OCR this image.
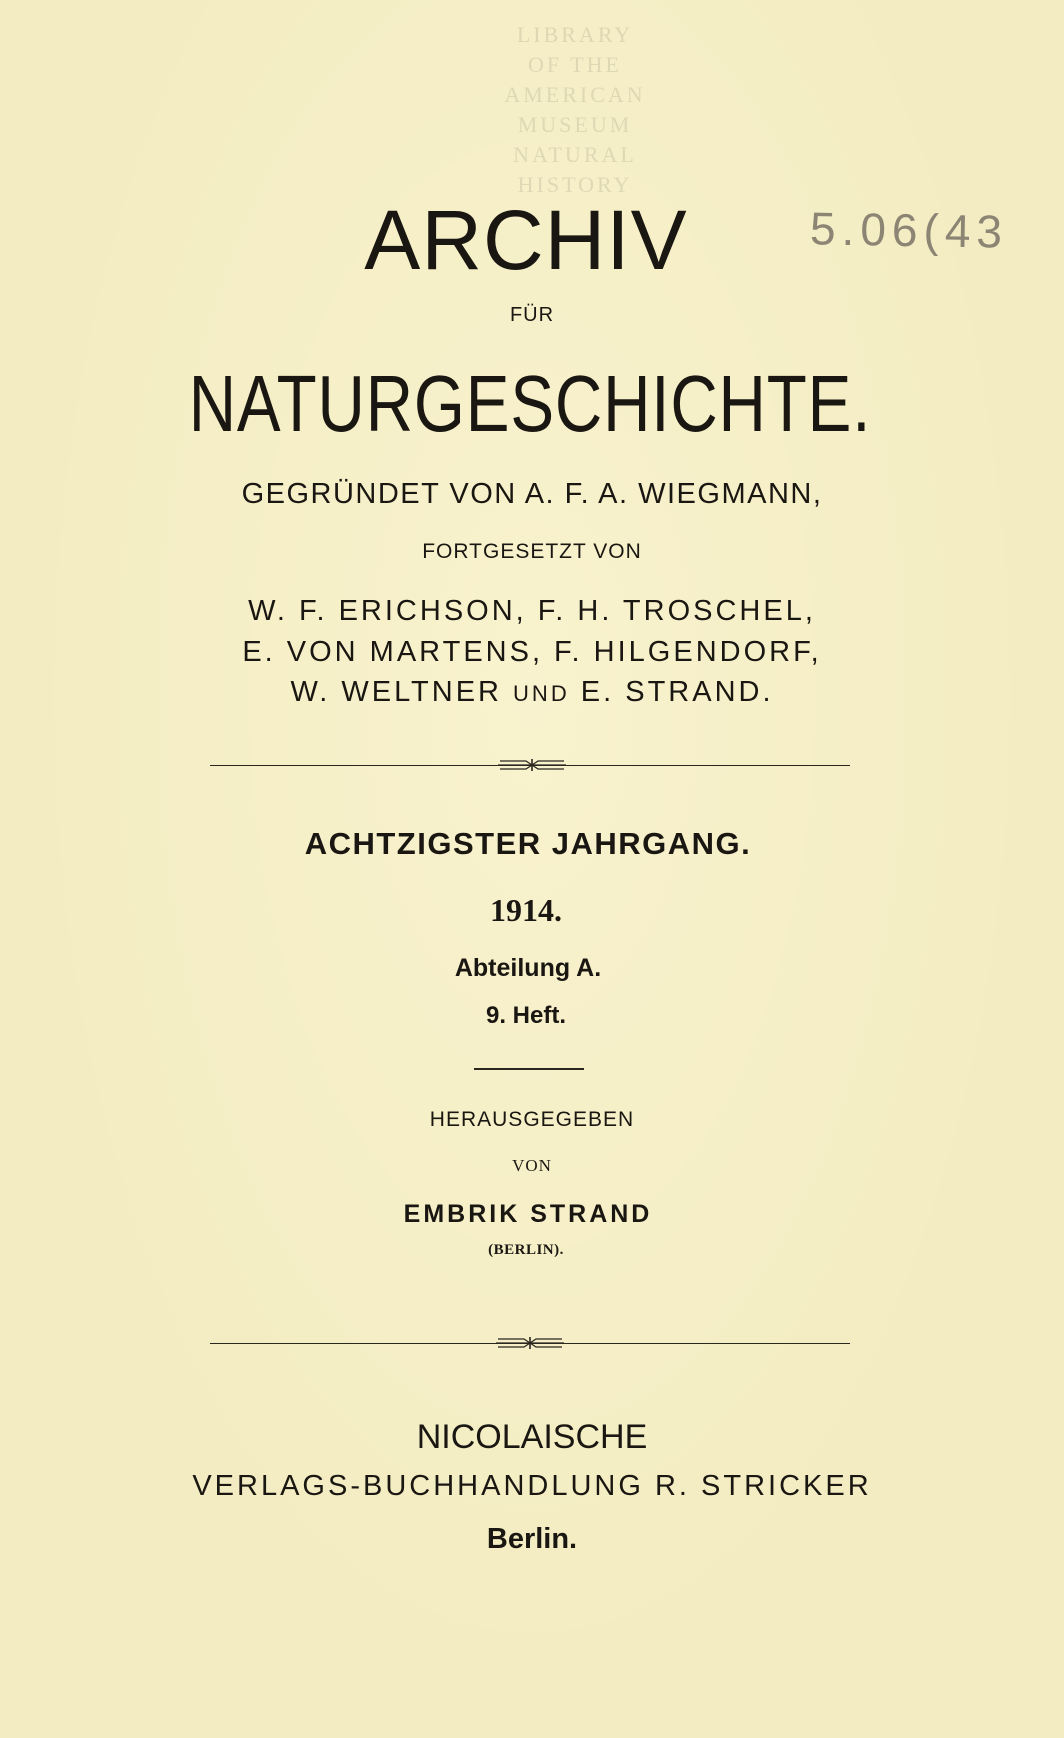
LIBRARY
OF THE
AMERICAN MUSEUM
NATURAL HISTORY
ARCHIV	5.06(43
FÜR
NATURGESCHICHTE.
GEGRÜNDET VON A. F. A. WIEGMANN,
FORTGESETZT VON
W. F. ERICHSON, F. H. TROSCHEL,
E. VON MARTENS, F. HILGENDORF,
W. WELTNER UND E. STRAND.
ACHTZIGSTER JAHRGANG.
1914.
Abteilung A.
9. Heft.
HERAUSGEGEBEN
VON
EMBRIK STRAND
(BERLIN).
NICOLAISCHE
VERLAGS-BUCHHANDLUNG R. STRICKER
Berlin.
